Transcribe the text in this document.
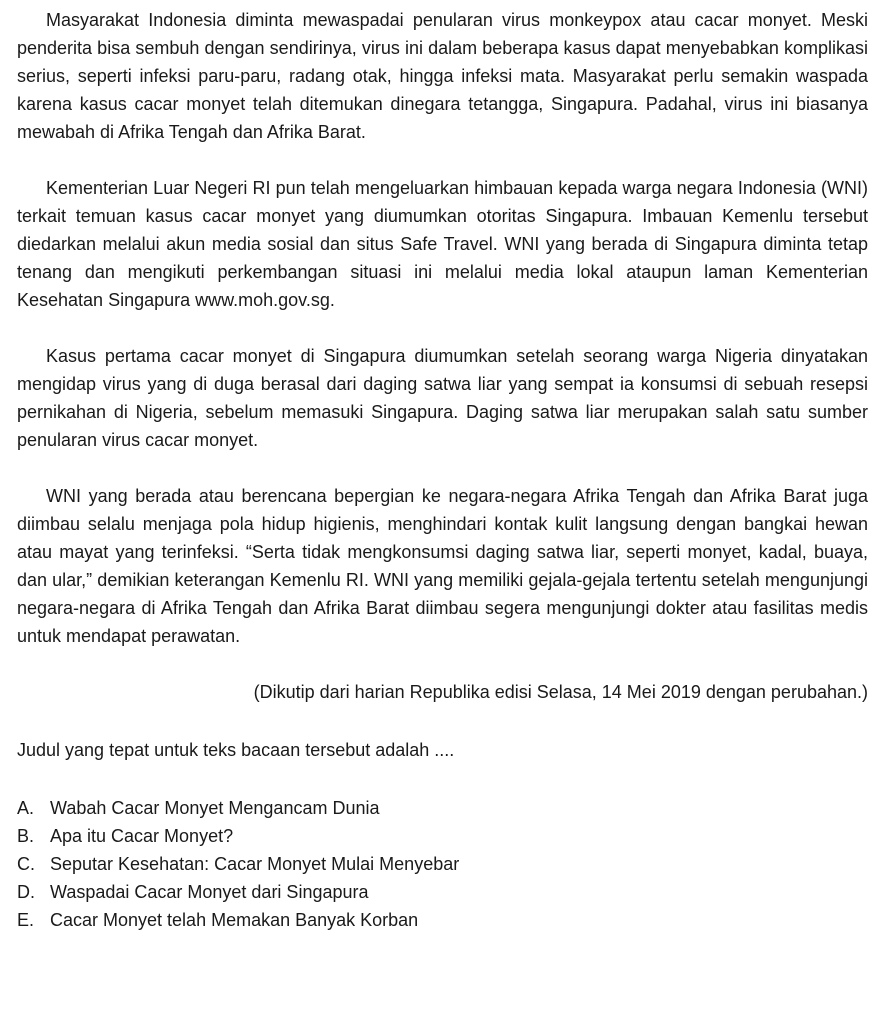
Masyarakat Indonesia diminta mewaspadai penularan virus monkeypox atau cacar monyet. Meski penderita bisa sembuh dengan sendirinya, virus ini dalam beberapa kasus dapat menyebabkan komplikasi serius, seperti infeksi paru-paru, radang otak, hingga infeksi mata. Masyarakat perlu semakin waspada karena kasus cacar monyet telah ditemukan dinegara tetangga, Singapura. Padahal, virus ini biasanya mewabah di Afrika Tengah dan Afrika Barat.

Kementerian Luar Negeri RI pun telah mengeluarkan himbauan kepada warga negara Indonesia (WNI) terkait temuan kasus cacar monyet yang diumumkan otoritas Singapura. Imbauan Kemenlu tersebut diedarkan melalui akun media sosial dan situs Safe Travel. WNI yang berada di Singapura diminta tetap tenang dan mengikuti perkembangan situasi ini melalui media lokal ataupun laman Kementerian Kesehatan Singapura www.moh.gov.sg.

Kasus pertama cacar monyet di Singapura diumumkan setelah seorang warga Nigeria dinyatakan mengidap virus yang di duga berasal dari daging satwa liar yang sempat ia konsumsi di sebuah resepsi pernikahan di Nigeria, sebelum memasuki Singapura. Daging satwa liar merupakan salah satu sumber penularan virus cacar monyet.

WNI yang berada atau berencana bepergian ke negara-negara Afrika Tengah dan Afrika Barat juga diimbau selalu menjaga pola hidup higienis, menghindari kontak kulit langsung dengan bangkai hewan atau mayat yang terinfeksi. “Serta tidak mengkonsumsi daging satwa liar, seperti monyet, kadal, buaya, dan ular,” demikian keterangan Kemenlu RI. WNI yang memiliki gejala-gejala tertentu setelah mengunjungi negara-negara di Afrika Tengah dan Afrika Barat diimbau segera mengunjungi dokter atau fasilitas medis untuk mendapat perawatan.

(Dikutip dari harian Republika edisi Selasa, 14 Mei 2019 dengan perubahan.)

Judul yang tepat untuk teks bacaan tersebut adalah ....

A. Wabah Cacar Monyet Mengancam Dunia
B. Apa itu Cacar Monyet?
C. Seputar Kesehatan: Cacar Monyet Mulai Menyebar
D. Waspadai Cacar Monyet dari Singapura
E. Cacar Monyet telah Memakan Banyak Korban
